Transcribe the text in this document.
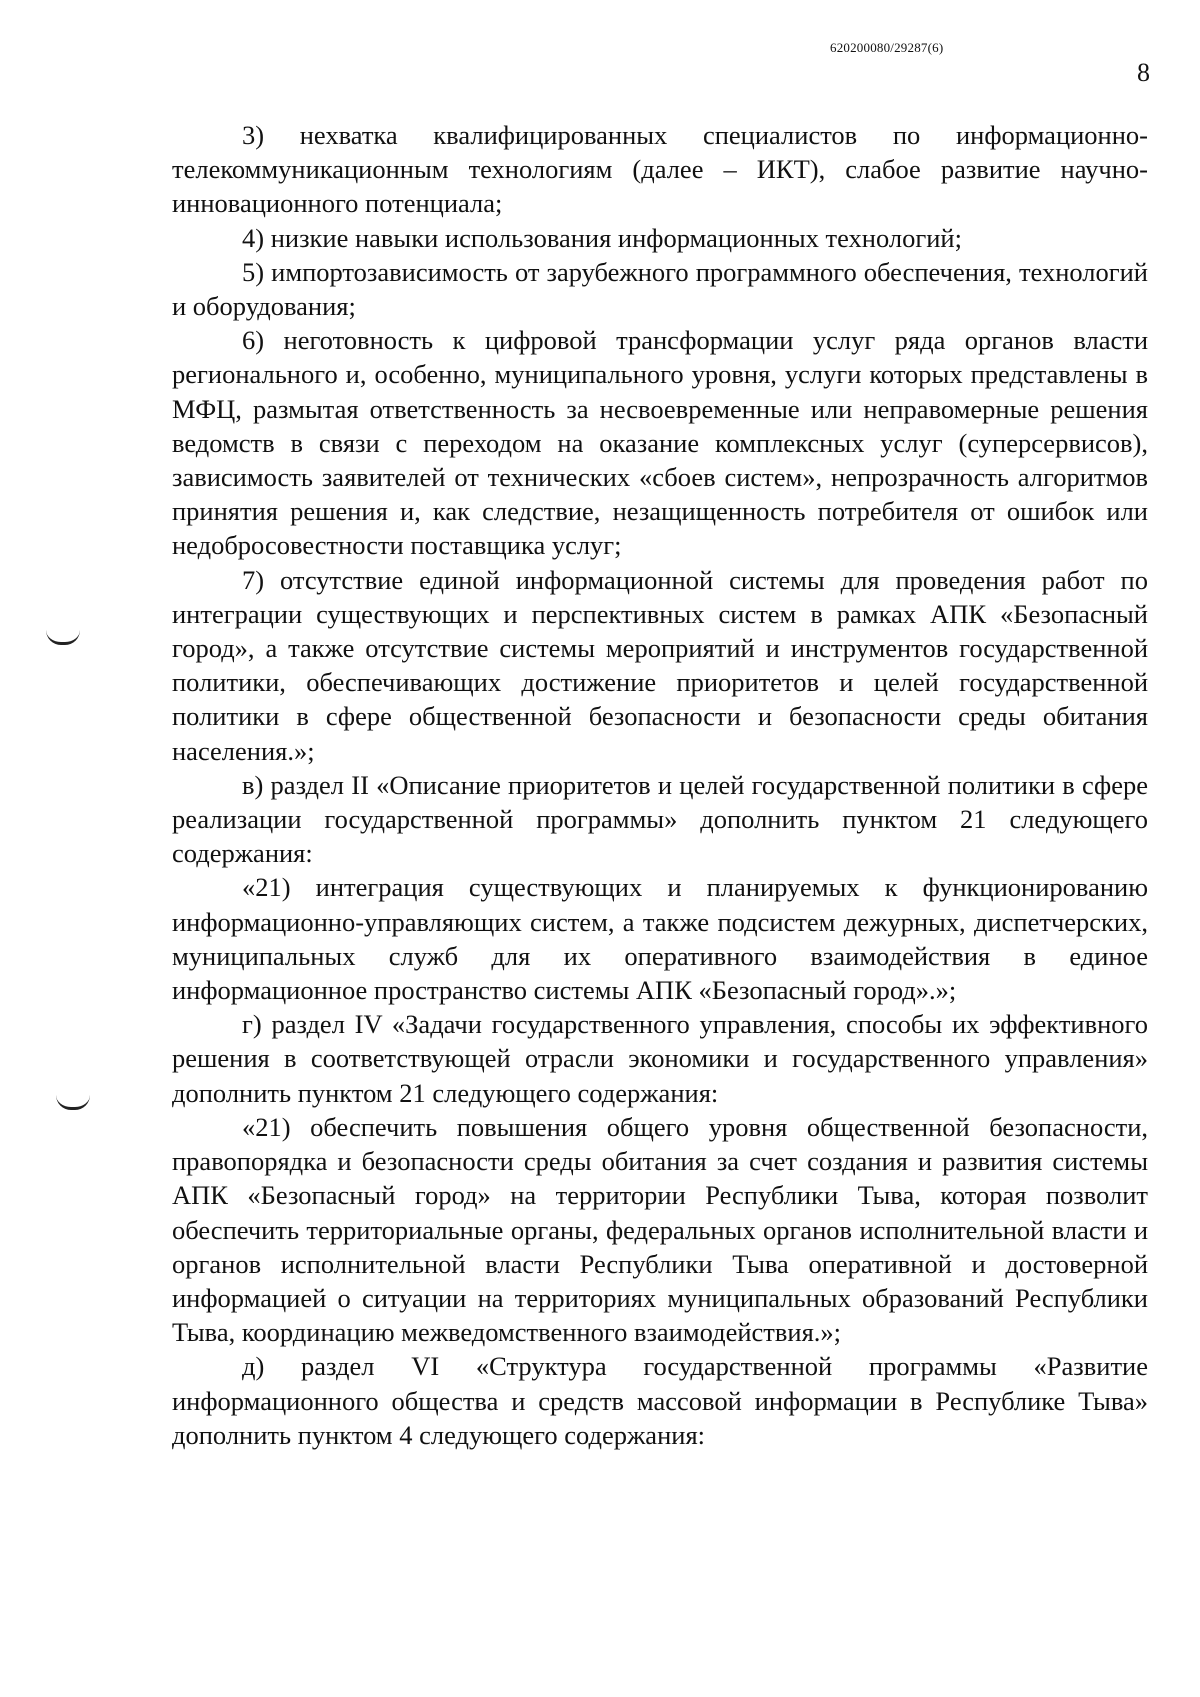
620200080/29287(6)
8

3) нехватка квалифицированных специалистов по информационно-телекоммуникационным технологиям (далее – ИКТ), слабое развитие научно-инновационного потенциала;

4) низкие навыки использования информационных технологий;

5) импортозависимость от зарубежного программного обеспечения, технологий и оборудования;

6) неготовность к цифровой трансформации услуг ряда органов власти регионального и, особенно, муниципального уровня, услуги которых представлены в МФЦ, размытая ответственность за несвоевременные или неправомерные решения ведомств в связи с переходом на оказание комплексных услуг (суперсервисов), зависимость заявителей от технических «сбоев систем», непрозрачность алгоритмов принятия решения и, как следствие, незащищенность потребителя от ошибок или недобросовестности поставщика услуг;

7) отсутствие единой информационной системы для проведения работ по интеграции существующих и перспективных систем в рамках АПК «Безопасный город», а также отсутствие системы мероприятий и инструментов государственной политики, обеспечивающих достижение приоритетов и целей государственной политики в сфере общественной безопасности и безопасности среды обитания населения.»;

в) раздел II «Описание приоритетов и целей государственной политики в сфере реализации государственной программы» дополнить пунктом 21 следующего содержания:

«21) интеграция существующих и планируемых к функционированию информационно-управляющих систем, а также подсистем дежурных, диспетчерских, муниципальных служб для их оперативного взаимодействия в единое информационное пространство системы АПК «Безопасный город».»;

г) раздел IV «Задачи государственного управления, способы их эффективного решения в соответствующей отрасли экономики и государственного управления» дополнить пунктом 21 следующего содержания:

«21) обеспечить повышения общего уровня общественной безопасности, правопорядка и безопасности среды обитания за счет создания и развития системы АПК «Безопасный город» на территории Республики Тыва, которая позволит обеспечить территориальные органы, федеральных органов исполнительной власти и органов исполнительной власти Республики Тыва оперативной и достоверной информацией о ситуации на территориях муниципальных образований Республики Тыва, координацию межведомственного взаимодействия.»;

д) раздел VI «Структура государственной программы «Развитие информационного общества и средств массовой информации в Республике Тыва» дополнить пунктом 4 следующего содержания:
